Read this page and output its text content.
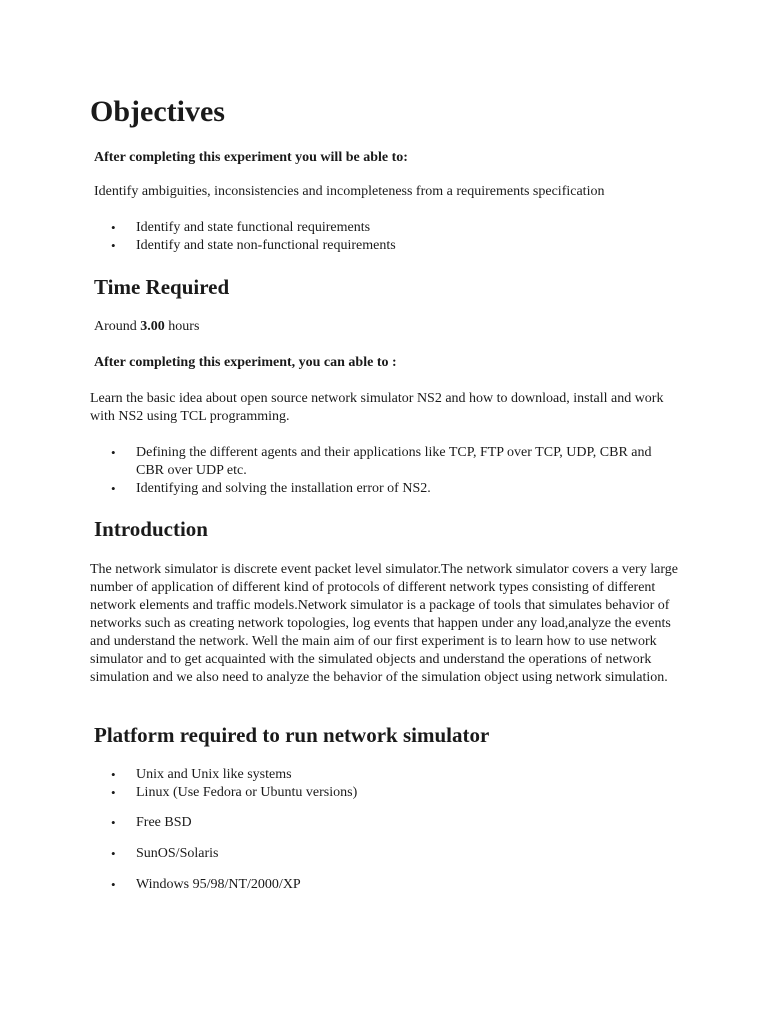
Objectives

After completing this experiment you will be able to:

Identify ambiguities, inconsistencies and incompleteness from a requirements specification

• Identify and state functional requirements
• Identify and state non-functional requirements
Time Required

Around 3.00 hours

After completing this experiment, you can able to :

Learn the basic idea about open source network simulator NS2 and how to download, install and work with NS2 using TCL programming.

• Defining the different agents and their applications like TCP, FTP over TCP, UDP, CBR and CBR over UDP etc.
• Identifying and solving the installation error of NS2.
Introduction

The network simulator is discrete event packet level simulator.The network simulator covers a very large number of application of different kind of protocols of different network types consisting of different network elements and traffic models.Network simulator is a package of tools that simulates behavior of networks such as creating network topologies, log events that happen under any load,analyze the events and understand the network. Well the main aim of our first experiment is to learn how to use network simulator and to get acquainted with the simulated objects and understand the operations of network simulation and we also need to analyze the behavior of the simulation object using network simulation.

Platform required to run network simulator
• Unix and Unix like systems
• Linux (Use Fedora or Ubuntu versions)
• Free BSD
• SunOS/Solaris
• Windows 95/98/NT/2000/XP
